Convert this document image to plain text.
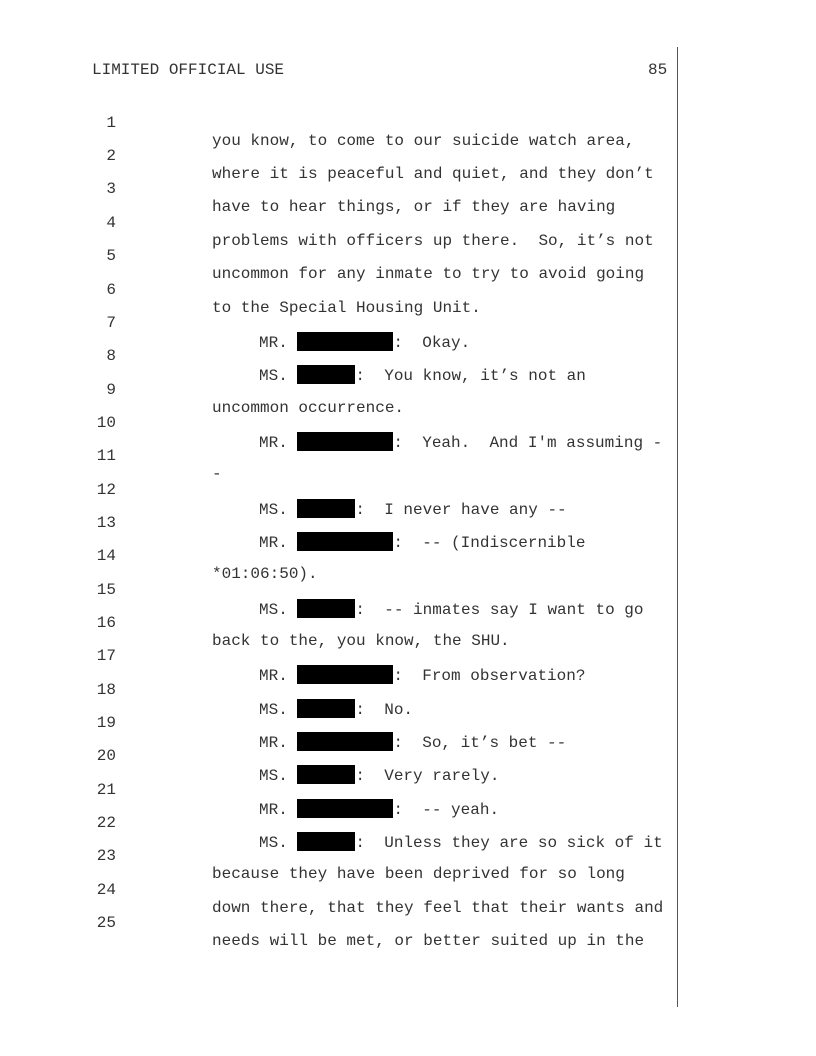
LIMITED OFFICIAL USE	85

1

you know, to come to our suicide watch area,

2

where it is peaceful and quiet, and they don’t

3

have to hear things, or if they are having

4

problems with officers up there.  So, it’s not

5

uncommon for any inmate to try to avoid going

6

to the Special Housing Unit.

7

MR.	:  Okay.

8

MS.	:  You know, it’s not an

9

uncommon occurrence.

10

MR.	:  Yeah.  And I'm assuming -

11

-

12

MS.	:  I never have any --

13

MR.	:  -- (Indiscernible

14

*01:06:50).

15

MS.	:  -- inmates say I want to go

16

back to the, you know, the SHU.

17

MR.	:  From observation?

18

MS.	:  No.

19

MR.	:  So, it’s bet --

20

MS.	:  Very rarely.

21

MR.	:  -- yeah.

22

MS.	:  Unless they are so sick of it

23

because they have been deprived for so long

24

down there, that they feel that their wants and

25

needs will be met, or better suited up in the
